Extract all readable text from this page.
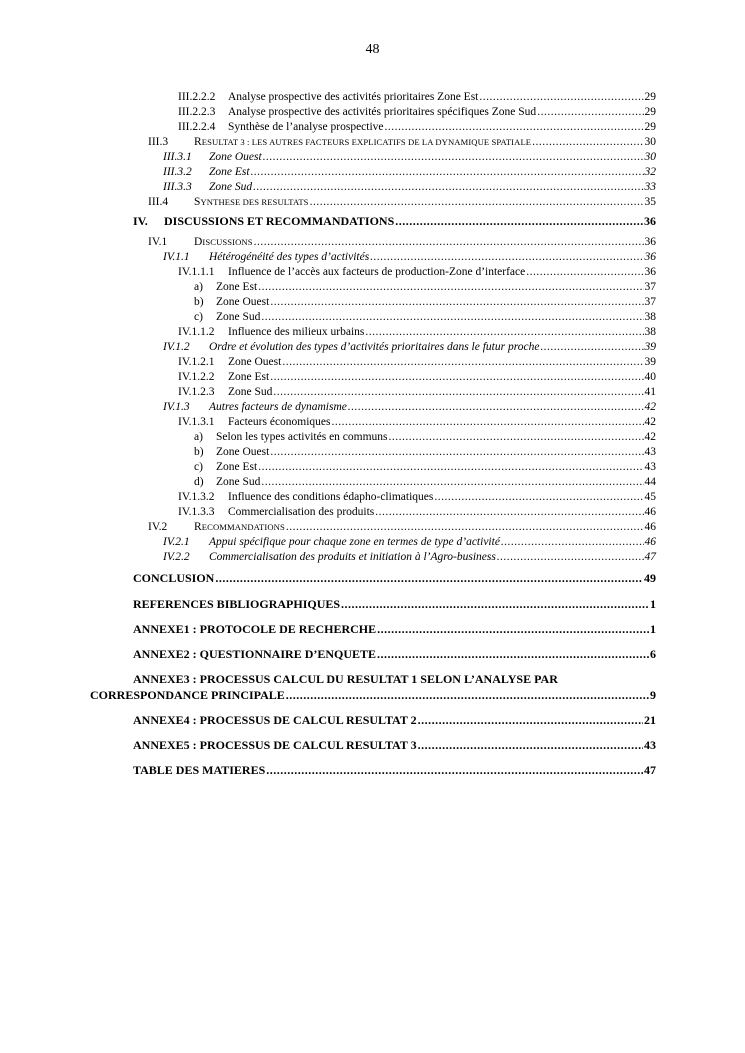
48
III.2.2.2	Analyse prospective des activités prioritaires Zone Est .....	29
III.2.2.3	Analyse prospective des activités prioritaires spécifiques Zone Sud .....	29
III.2.2.4	Synthèse de l’analyse prospective .....	29
III.3	RESULTAT 3 : LES AUTRES FACTEURS EXPLICATIFS DE LA DYNAMIQUE SPATIALE .....	30
III.3.1	Zone Ouest .....	30
III.3.2	Zone Est .....	32
III.3.3	Zone Sud .....	33
III.4	SYNTHESE DES RESULTATS .....	35
IV.	DISCUSSIONS ET RECOMMANDATIONS .....	36
IV.1	DISCUSSIONS .....	36
IV.1.1	Hétérogénéité des types d’activités .....	36
IV.1.1.1	Influence de l’accès aux facteurs de production-Zone d’interface .....	36
a)	Zone Est .....	37
b)	Zone Ouest .....	37
c)	Zone Sud .....	38
IV.1.1.2	Influence des milieux urbains .....	38
IV.1.2	Ordre et évolution des types d’activités prioritaires dans le futur proche .....	39
IV.1.2.1	Zone Ouest .....	39
IV.1.2.2	Zone Est .....	40
IV.1.2.3	Zone Sud .....	41
IV.1.3	Autres facteurs de dynamisme .....	42
IV.1.3.1	Facteurs économiques .....	42
a)	Selon les types activités en communs .....	42
b)	Zone Ouest .....	43
c)	Zone Est .....	43
d)	Zone Sud .....	44
IV.1.3.2	Influence des conditions édapho-climatiques .....	45
IV.1.3.3	Commercialisation des produits .....	46
IV.2	RECOMMANDATIONS .....	46
IV.2.1	Appui spécifique pour chaque zone en termes de type d’activité .....	46
IV.2.2	Commercialisation des produits et initiation à l’Agro-business .....	47
CONCLUSION .....	49
REFERENCES BIBLIOGRAPHIQUES .....	1
ANNEXE1 : PROTOCOLE DE RECHERCHE .....	1
ANNEXE2 : QUESTIONNAIRE D’ENQUETE .....	6
ANNEXE3 : PROCESSUS CALCUL DU RESULTAT 1 SELON L’ANALYSE PAR
CORRESPONDANCE PRINCIPALE .....	9
ANNEXE4 : PROCESSUS DE CALCUL RESULTAT 2 .....	21
ANNEXE5 : PROCESSUS DE CALCUL RESULTAT 3 .....	43
TABLE DES MATIERES .....	47
